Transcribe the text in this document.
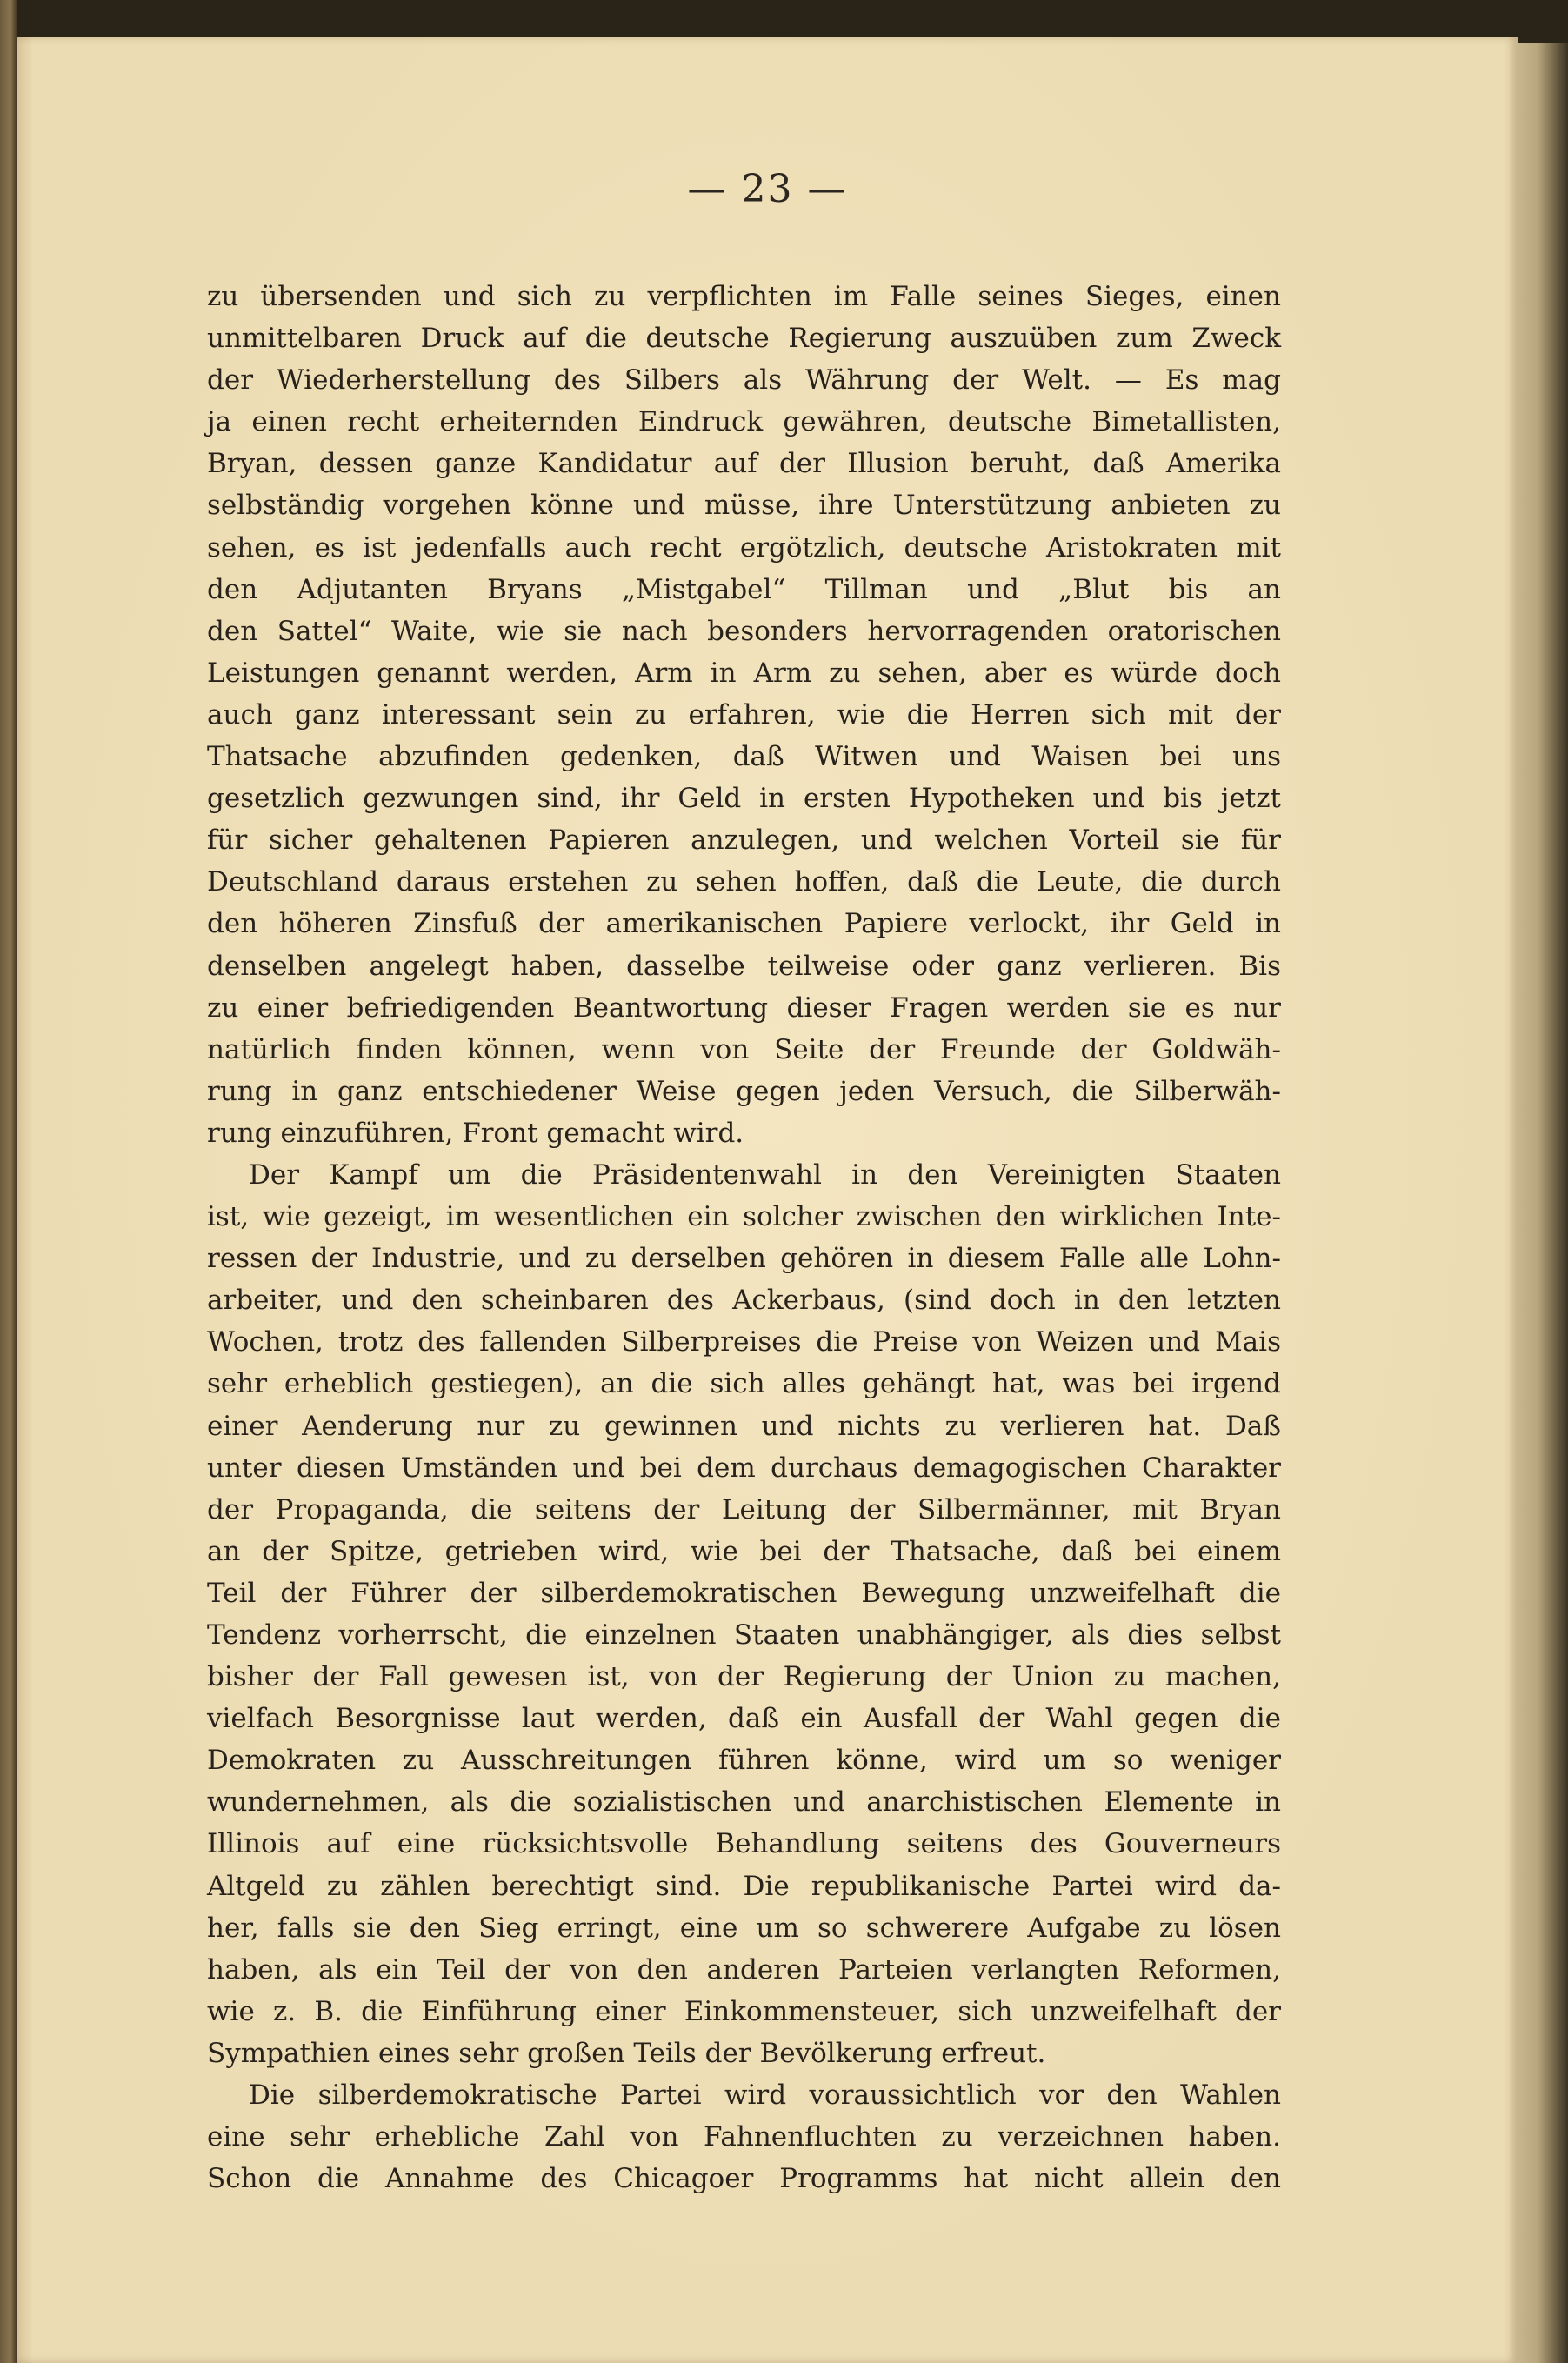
— 23 —
zu übersenden und sich zu verpflichten im Falle seines Sieges, einen
unmittelbaren Druck auf die deutsche Regierung auszuüben zum Zweck
der Wiederherstellung des Silbers als Währung der Welt. — Es mag
ja einen recht erheiternden Eindruck gewähren, deutsche Bimetallisten,
Bryan, dessen ganze Kandidatur auf der Illusion beruht, daß Amerika
selbständig vorgehen könne und müsse, ihre Unterstützung anbieten zu
sehen, es ist jedenfalls auch recht ergötzlich, deutsche Aristokraten mit
den Adjutanten Bryans „Mistgabel“ Tillman und „Blut bis an
den Sattel“ Waite, wie sie nach besonders hervorragenden oratorischen
Leistungen genannt werden, Arm in Arm zu sehen, aber es würde doch
auch ganz interessant sein zu erfahren, wie die Herren sich mit der
Thatsache abzufinden gedenken, daß Witwen und Waisen bei uns
gesetzlich gezwungen sind, ihr Geld in ersten Hypotheken und bis jetzt
für sicher gehaltenen Papieren anzulegen, und welchen Vorteil sie für
Deutschland daraus erstehen zu sehen hoffen, daß die Leute, die durch
den höheren Zinsfuß der amerikanischen Papiere verlockt, ihr Geld in
denselben angelegt haben, dasselbe teilweise oder ganz verlieren. Bis
zu einer befriedigenden Beantwortung dieser Fragen werden sie es nur
natürlich finden können, wenn von Seite der Freunde der Goldwäh-
rung in ganz entschiedener Weise gegen jeden Versuch, die Silberwäh-
rung einzuführen, Front gemacht wird.
Der Kampf um die Präsidentenwahl in den Vereinigten Staaten
ist, wie gezeigt, im wesentlichen ein solcher zwischen den wirklichen Inte-
ressen der Industrie, und zu derselben gehören in diesem Falle alle Lohn-
arbeiter, und den scheinbaren des Ackerbaus, (sind doch in den letzten
Wochen, trotz des fallenden Silberpreises die Preise von Weizen und Mais
sehr erheblich gestiegen), an die sich alles gehängt hat, was bei irgend
einer Aenderung nur zu gewinnen und nichts zu verlieren hat. Daß
unter diesen Umständen und bei dem durchaus demagogischen Charakter
der Propaganda, die seitens der Leitung der Silbermänner, mit Bryan
an der Spitze, getrieben wird, wie bei der Thatsache, daß bei einem
Teil der Führer der silberdemokratischen Bewegung unzweifelhaft die
Tendenz vorherrscht, die einzelnen Staaten unabhängiger, als dies selbst
bisher der Fall gewesen ist, von der Regierung der Union zu machen,
vielfach Besorgnisse laut werden, daß ein Ausfall der Wahl gegen die
Demokraten zu Ausschreitungen führen könne, wird um so weniger
wundernehmen, als die sozialistischen und anarchistischen Elemente in
Illinois auf eine rücksichtsvolle Behandlung seitens des Gouverneurs
Altgeld zu zählen berechtigt sind. Die republikanische Partei wird da-
her, falls sie den Sieg erringt, eine um so schwerere Aufgabe zu lösen
haben, als ein Teil der von den anderen Parteien verlangten Reformen,
wie z. B. die Einführung einer Einkommensteuer, sich unzweifelhaft der
Sympathien eines sehr großen Teils der Bevölkerung erfreut.
Die silberdemokratische Partei wird voraussichtlich vor den Wahlen
eine sehr erhebliche Zahl von Fahnenfluchten zu verzeichnen haben.
Schon die Annahme des Chicagoer Programms hat nicht allein den
